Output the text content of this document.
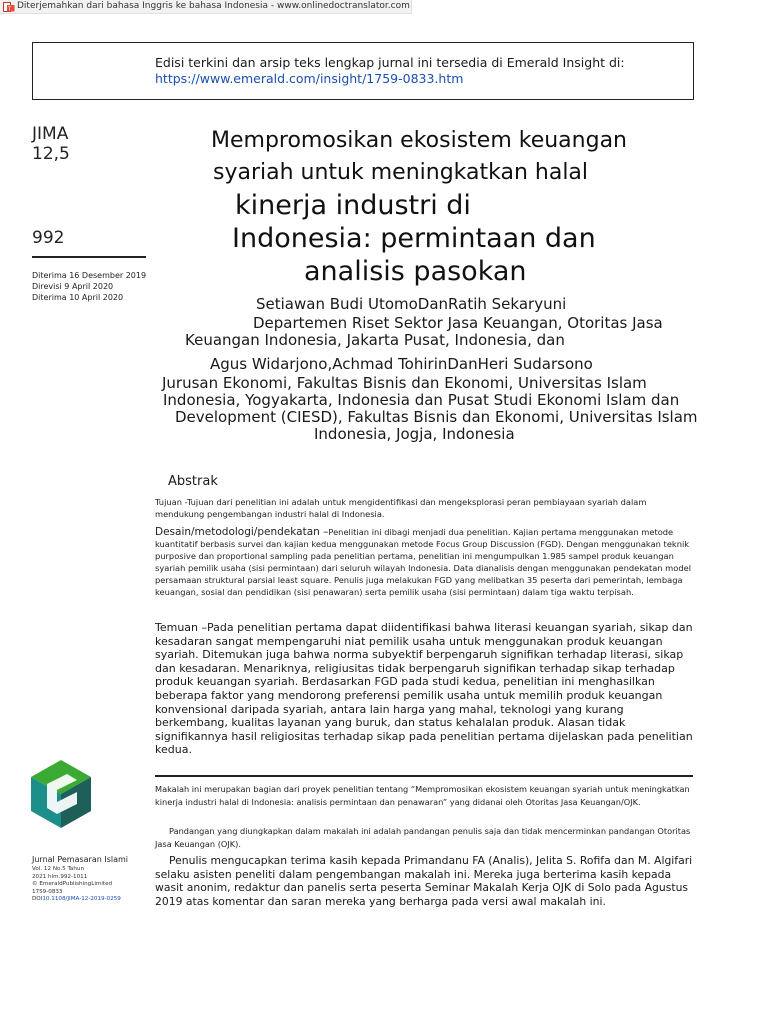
T Diterjemahkan dari bahasa Inggris ke bahasa Indonesia - www.onlinedoctranslator.com
Edisi terkini dan arsip teks lengkap jurnal ini tersedia di Emerald Insight di:
https://www.emerald.com/insight/1759-0833.htm
JIMA
12,5
992
Diterima 16 Desember 2019
Direvisi 9 April 2020
Diterima 10 April 2020
Mempromosikan ekosistem keuangan
syariah untuk meningkatkan halal
kinerja industri di
Indonesia: permintaan dan
analisis pasokan
Setiawan Budi UtomoDanRatih Sekaryuni
Departemen Riset Sektor Jasa Keuangan, Otoritas Jasa
Keuangan Indonesia, Jakarta Pusat, Indonesia, dan
Agus Widarjono,Achmad TohirinDanHeri Sudarsono
Jurusan Ekonomi, Fakultas Bisnis dan Ekonomi, Universitas Islam
Indonesia, Yogyakarta, Indonesia dan Pusat Studi Ekonomi Islam dan
Development (CIESD), Fakultas Bisnis dan Ekonomi, Universitas Islam
Indonesia, Jogja, Indonesia
Abstrak
Tujuan -Tujuan dari penelitian ini adalah untuk mengidentifikasi dan mengeksplorasi peran pembiayaan syariah dalam mendukung pengembangan industri halal di Indonesia.
Desain/metodologi/pendekatan –Penelitian ini dibagi menjadi dua penelitian. Kajian pertama menggunakan metode kuantitatif berbasis survei dan kajian kedua menggunakan metode Focus Group Discussion (FGD). Dengan menggunakan teknik purposive dan proportional sampling pada penelitian pertama, penelitian ini mengumpulkan 1.985 sampel produk keuangan syariah pemilik usaha (sisi permintaan) dari seluruh wilayah Indonesia. Data dianalisis dengan menggunakan pendekatan model persamaan struktural parsial least square. Penulis juga melakukan FGD yang melibatkan 35 peserta dari pemerintah, lembaga keuangan, sosial dan pendidikan (sisi penawaran) serta pemilik usaha (sisi permintaan) dalam tiga waktu terpisah.
Temuan –Pada penelitian pertama dapat diidentifikasi bahwa literasi keuangan syariah, sikap dan kesadaran sangat mempengaruhi niat pemilik usaha untuk menggunakan produk keuangan syariah. Ditemukan juga bahwa norma subyektif berpengaruh signifikan terhadap literasi, sikap dan kesadaran. Menariknya, religiusitas tidak berpengaruh signifikan terhadap sikap terhadap produk keuangan syariah. Berdasarkan FGD pada studi kedua, penelitian ini menghasilkan beberapa faktor yang mendorong preferensi pemilik usaha untuk memilih produk keuangan konvensional daripada syariah, antara lain harga yang mahal, teknologi yang kurang berkembang, kualitas layanan yang buruk, dan status kehalalan produk. Alasan tidak signifikannya hasil religiositas terhadap sikap pada penelitian pertama dijelaskan pada penelitian kedua.
Makalah ini merupakan bagian dari proyek penelitian tentang “Mempromosikan ekosistem keuangan syariah untuk meningkatkan kinerja industri halal di Indonesia: analisis permintaan dan penawaran” yang didanai oleh Otoritas Jasa Keuangan/OJK.
Pandangan yang diungkapkan dalam makalah ini adalah pandangan penulis saja dan tidak mencerminkan pandangan Otoritas Jasa Keuangan (OJK).
Penulis mengucapkan terima kasih kepada Primandanu FA (Analis), Jelita S. Rofifa dan M. Algifari selaku asisten peneliti dalam pengembangan makalah ini. Mereka juga berterima kasih kepada wasit anonim, redaktur dan panelis serta peserta Seminar Makalah Kerja OJK di Solo pada Agustus 2019 atas komentar dan saran mereka yang berharga pada versi awal makalah ini.
Jurnal Pemasaran Islami
Vol. 12 No.5 Tahun
2021 hlm.992-1011
© EmeraldPublishingLimited
1759-0833
DOI10.1108/JIMA-12-2019-0259
